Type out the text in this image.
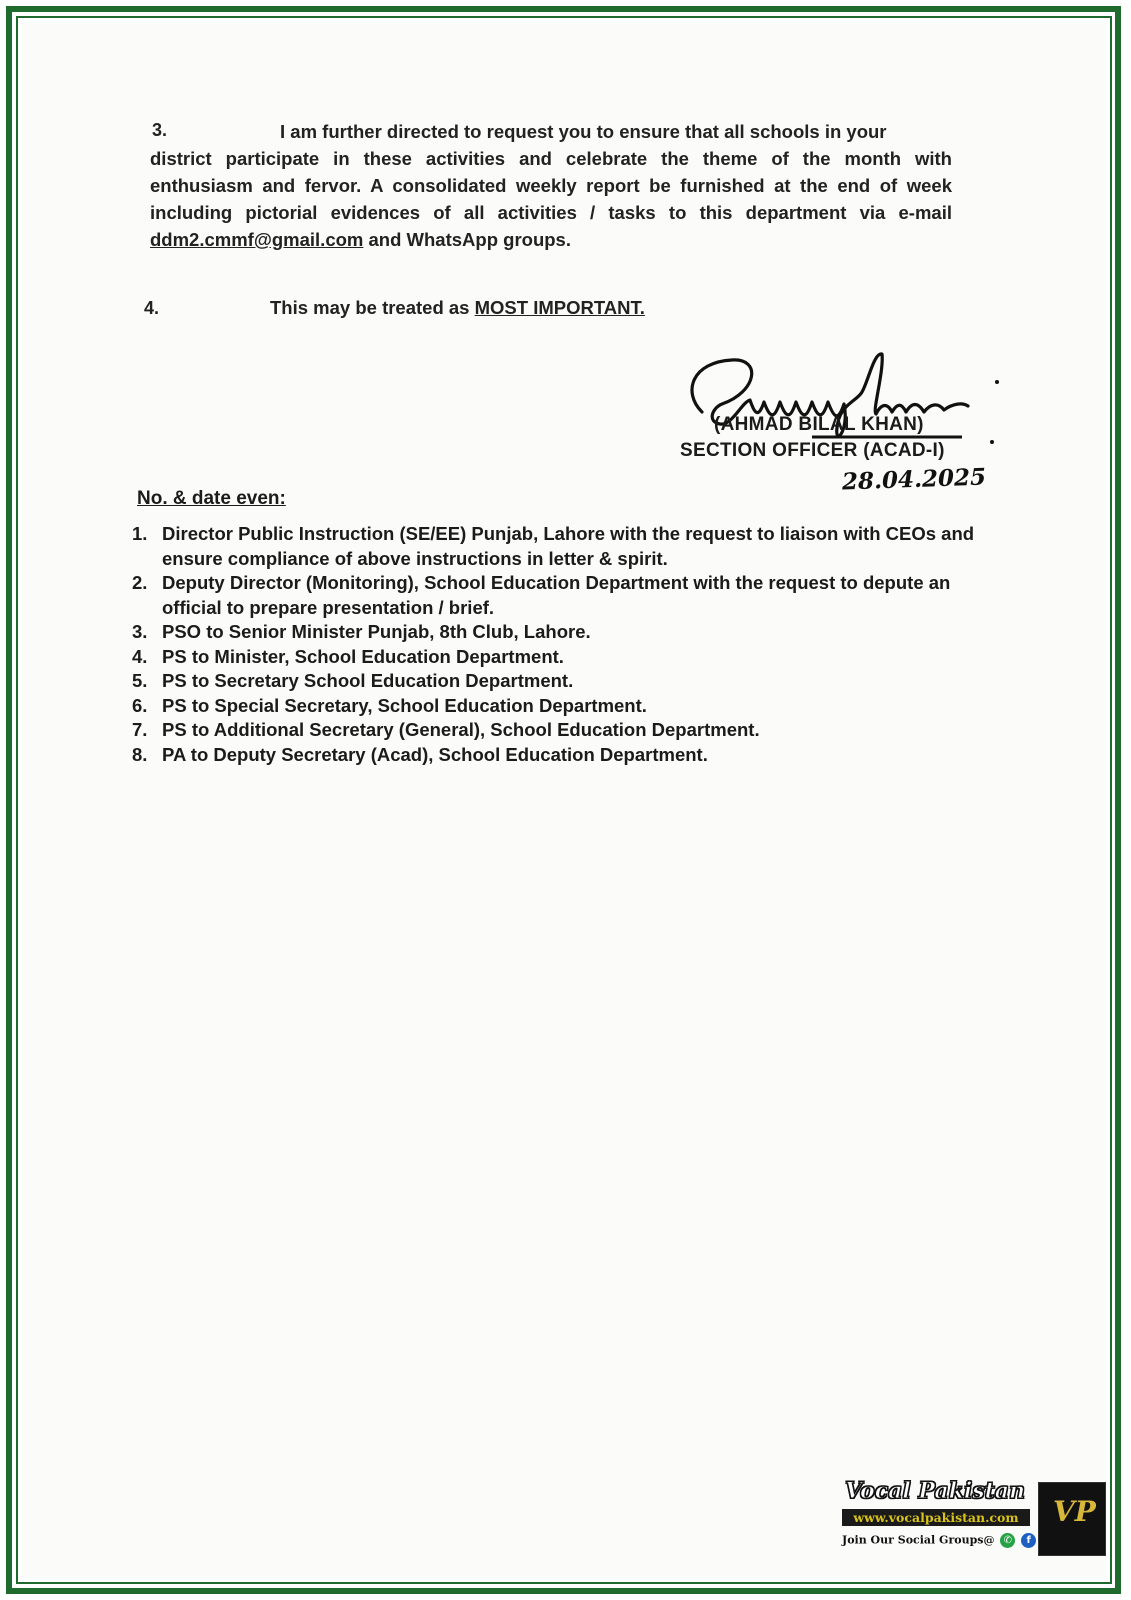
3.	I am further directed to request you to ensure that all schools in your
district participate in these activities and celebrate the theme of the month with
enthusiasm and fervor. A consolidated weekly report be furnished at the end of week
including pictorial evidences of all activities / tasks to this department via e-mail
ddm2.cmmf@gmail.com and WhatsApp groups.
4.	This may be treated as MOST IMPORTANT.
(AHMAD BILAL KHAN)
SECTION OFFICER (ACAD-I)
28.04.2025
No. & date even:
1. Director Public Instruction (SE/EE) Punjab, Lahore with the request to liaison with CEOs and ensure compliance of above instructions in letter & spirit.
2. Deputy Director (Monitoring), School Education Department with the request to depute an official to prepare presentation / brief.
3. PSO to Senior Minister Punjab, 8th Club, Lahore.
4. PS to Minister, School Education Department.
5. PS to Secretary School Education Department.
6. PS to Special Secretary, School Education Department.
7. PS to Additional Secretary (General), School Education Department.
8. PA to Deputy Secretary (Acad), School Education Department.
Vocal Pakistan
www.vocalpakistan.com
Join Our Social Groups@ ✆ f
VP
